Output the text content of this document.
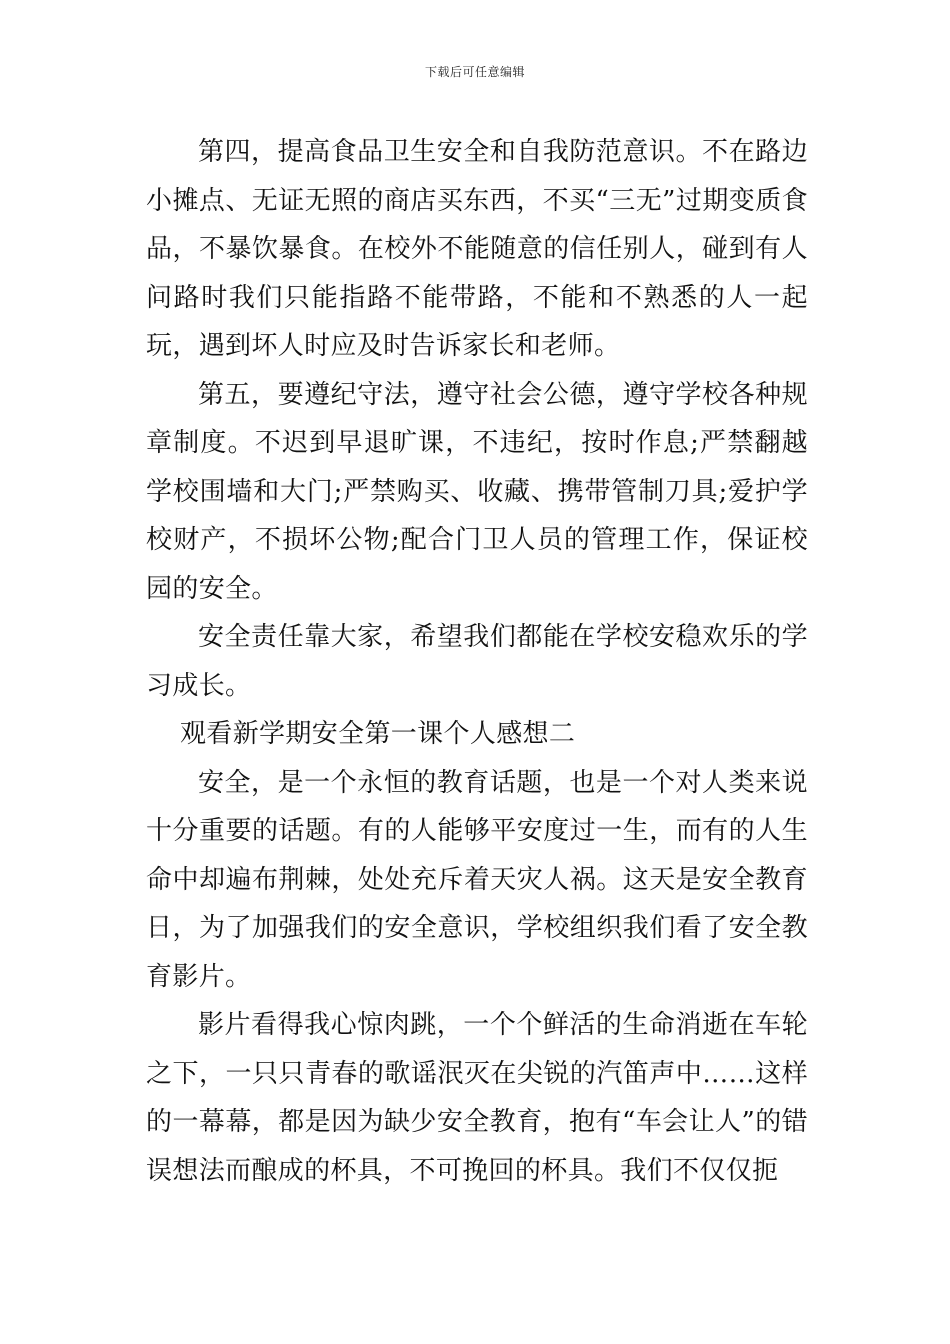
下载后可任意编辑

第四，提高食品卫生安全和自我防范意识。不在路边小摊点、无证无照的商店买东西，不买“三无”过期变质食品，不暴饮暴食。在校外不能随意的信任别人，碰到有人问路时我们只能指路不能带路，不能和不熟悉的人一起玩，遇到坏人时应及时告诉家长和老师。

第五，要遵纪守法，遵守社会公德，遵守学校各种规章制度。不迟到早退旷课，不违纪，按时作息;严禁翻越学校围墙和大门;严禁购买、收藏、携带管制刀具;爱护学校财产，不损坏公物;配合门卫人员的管理工作，保证校园的安全。

安全责任靠大家，希望我们都能在学校安稳欢乐的学习成长。

观看新学期安全第一课个人感想二

安全，是一个永恒的教育话题，也是一个对人类来说十分重要的话题。有的人能够平安度过一生，而有的人生命中却遍布荆棘，处处充斥着天灾人祸。这天是安全教育日，为了加强我们的安全意识，学校组织我们看了安全教育影片。

影片看得我心惊肉跳，一个个鲜活的生命消逝在车轮之下，一只只青春的歌谣泯灭在尖锐的汽笛声中……这样的一幕幕，都是因为缺少安全教育，抱有“车会让人”的错误想法而酿成的杯具，不可挽回的杯具。我们不仅仅扼
